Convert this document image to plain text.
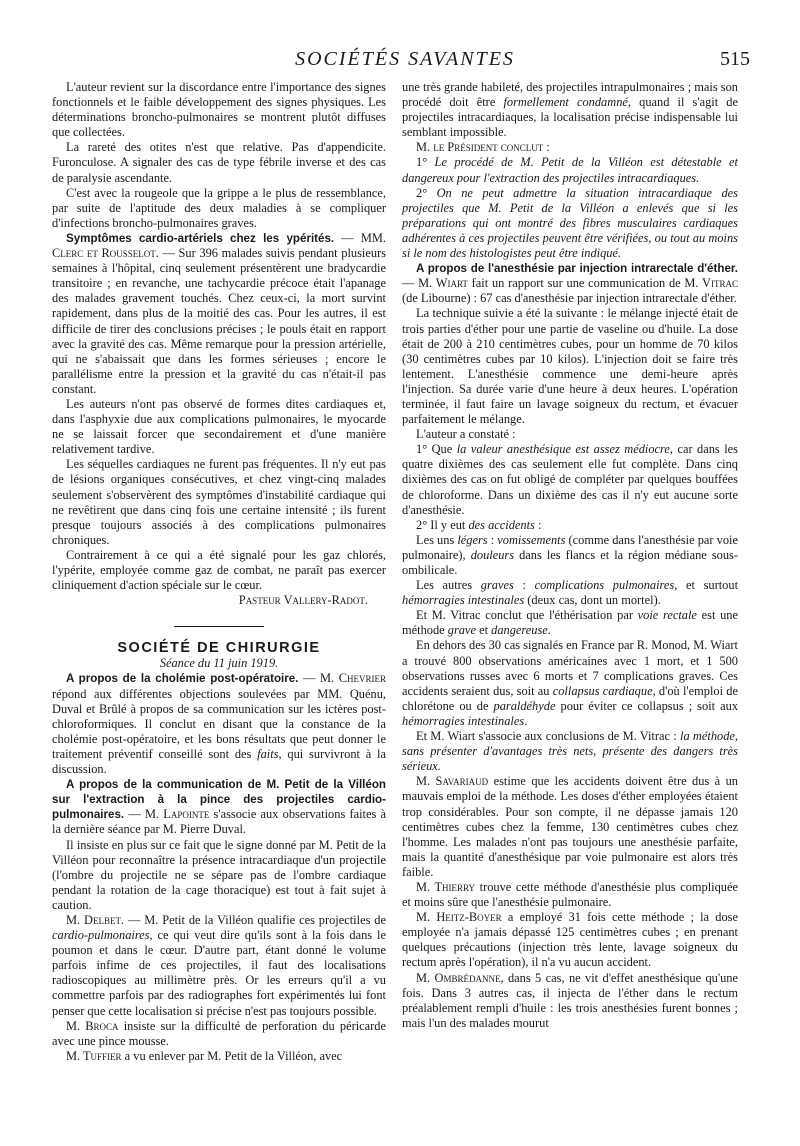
SOCIÉTÉS SAVANTES	515

L'auteur revient sur la discordance entre l'importance des signes fonctionnels et le faible développement des signes physiques. Les déterminations broncho-pulmonaires se montrent plutôt diffuses que collectées.

La rareté des otites n'est que relative. Pas d'appendicite. Furonculose. A signaler des cas de type fébrile inverse et des cas de paralysie ascendante.

C'est avec la rougeole que la grippe a le plus de ressemblance, par suite de l'aptitude des deux maladies à se compliquer d'infections broncho-pulmonaires graves.

Symptômes cardio-artériels chez les ypérités. — MM. Clerc et Rousselot. — Sur 396 malades suivis pendant plusieurs semaines à l'hôpital, cinq seulement présentèrent une bradycardie transitoire ; en revanche, une tachycardie précoce était l'apanage des malades gravement touchés. Chez ceux-ci, la mort survint rapidement, dans plus de la moitié des cas. Pour les autres, il est difficile de tirer des conclusions précises ; le pouls était en rapport avec la gravité des cas. Même remarque pour la pression artérielle, qui ne s'abaissait que dans les formes sérieuses ; encore le parallélisme entre la pression et la gravité du cas n'était-il pas constant.

Les auteurs n'ont pas observé de formes dites cardiaques et, dans l'asphyxie due aux complications pulmonaires, le myocarde ne se laissait forcer que secondairement et d'une manière relativement tardive.

Les séquelles cardiaques ne furent pas fréquentes. Il n'y eut pas de lésions organiques consécutives, et chez vingt-cinq malades seulement s'observèrent des symptômes d'instabilité cardiaque qui ne revêtirent que dans cinq fois une certaine intensité ; ils furent presque toujours associés à des complications pulmonaires chroniques.

Contrairement à ce qui a été signalé pour les gaz chlorés, l'ypérite, employée comme gaz de combat, ne paraît pas exercer cliniquement d'action spéciale sur le cœur.

Pasteur Vallery-Radot.

SOCIÉTÉ DE CHIRURGIE

Séance du 11 juin 1919.

A propos de la cholémie post-opératoire. — M. Chevrier répond aux différentes objections soulevées par MM. Quénu, Duval et Brûlé à propos de sa communication sur les ictères post-chloroformiques. Il conclut en disant que la constance de la cholémie post-opératoire, et les bons résultats que peut donner le traitement préventif conseillé sont des faits, qui survivront à la discussion.

A propos de la communication de M. Petit de la Villéon sur l'extraction à la pince des projectiles cardio-pulmonaires. — M. Lapointe s'associe aux observations faites à la dernière séance par M. Pierre Duval.

Il insiste en plus sur ce fait que le signe donné par M. Petit de la Villéon pour reconnaître la présence intracardiaque d'un projectile (l'ombre du projectile ne se sépare pas de l'ombre cardiaque pendant la rotation de la cage thoracique) est tout à fait sujet à caution.

M. Delbet. — M. Petit de la Villéon qualifie ces projectiles de cardio-pulmonaires, ce qui veut dire qu'ils sont à la fois dans le poumon et dans le cœur. D'autre part, étant donné le volume parfois infime de ces projectiles, il faut des localisations radioscopiques au millimètre près. Or les erreurs qu'il a vu commettre parfois par des radiographes fort expérimentés lui font penser que cette localisation si précise n'est pas toujours possible.

M. Broca insiste sur la difficulté de perforation du péricarde avec une pince mousse.

M. Tuffier a vu enlever par M. Petit de la Villéon, avec

une très grande habileté, des projectiles intrapulmonaires ; mais son procédé doit être formellement condamné, quand il s'agit de projectiles intracardiaques, la localisation précise indispensable lui semblant impossible.

M. le Président conclut :

1° Le procédé de M. Petit de la Villéon est détestable et dangereux pour l'extraction des projectiles intracardiaques.

2° On ne peut admettre la situation intracardiaque des projectiles que M. Petit de la Villéon a enlevés que si les préparations qui ont montré des fibres musculaires cardiaques adhérentes à ces projectiles peuvent être vérifiées, ou tout au moins si le nom des histologistes peut être indiqué.

A propos de l'anesthésie par injection intrarectale d'éther. — M. Wiart fait un rapport sur une communication de M. Vitrac (de Libourne) : 67 cas d'anesthésie par injection intrarectale d'éther.

La technique suivie a été la suivante : le mélange injecté était de trois parties d'éther pour une partie de vaseline ou d'huile. La dose était de 200 à 210 centimètres cubes, pour un homme de 70 kilos (30 centimètres cubes par 10 kilos). L'injection doit se faire très lentement. L'anesthésie commence une demi-heure après l'injection. Sa durée varie d'une heure à deux heures. L'opération terminée, il faut faire un lavage soigneux du rectum, et évacuer parfaitement le mélange.

L'auteur a constaté :

1° Que la valeur anesthésique est assez médiocre, car dans les quatre dixièmes des cas seulement elle fut complète. Dans cinq dixièmes des cas on fut obligé de compléter par quelques bouffées de chloroforme. Dans un dixième des cas il n'y eut aucune sorte d'anesthésie.

2° Il y eut des accidents :

Les uns légers : vomissements (comme dans l'anesthésie par voie pulmonaire), douleurs dans les flancs et la région médiane sous-ombilicale.

Les autres graves : complications pulmonaires, et surtout hémorragies intestinales (deux cas, dont un mortel).

Et M. Vitrac conclut que l'éthérisation par voie rectale est une méthode grave et dangereuse.

En dehors des 30 cas signalés en France par R. Monod, M. Wiart a trouvé 800 observations américaines avec 1 mort, et 1 500 observations russes avec 6 morts et 7 complications graves. Ces accidents seraient dus, soit au collapsus cardiaque, d'où l'emploi de chlorétone ou de paraldéhyde pour éviter ce collapsus ; soit aux hémorragies intestinales.

Et M. Wiart s'associe aux conclusions de M. Vitrac : la méthode, sans présenter d'avantages très nets, présente des dangers très sérieux.

M. Savariaud estime que les accidents doivent être dus à un mauvais emploi de la méthode. Les doses d'éther employées étaient trop considérables. Pour son compte, il ne dépasse jamais 120 centimètres cubes chez la femme, 130 centimètres cubes chez l'homme. Les malades n'ont pas toujours une anesthésie parfaite, mais la quantité d'anesthésique par voie pulmonaire est alors très faible.

M. Thierry trouve cette méthode d'anesthésie plus compliquée et moins sûre que l'anesthésie pulmonaire.

M. Heitz-Boyer a employé 31 fois cette méthode ; la dose employée n'a jamais dépassé 125 centimètres cubes ; en prenant quelques précautions (injection très lente, lavage soigneux du rectum après l'opération), il n'a vu aucun accident.

M. Ombrédanne, dans 5 cas, ne vit d'effet anesthésique qu'une fois. Dans 3 autres cas, il injecta de l'éther dans le rectum préalablement rempli d'huile : les trois anesthésies furent bonnes ; mais l'un des malades mourut
